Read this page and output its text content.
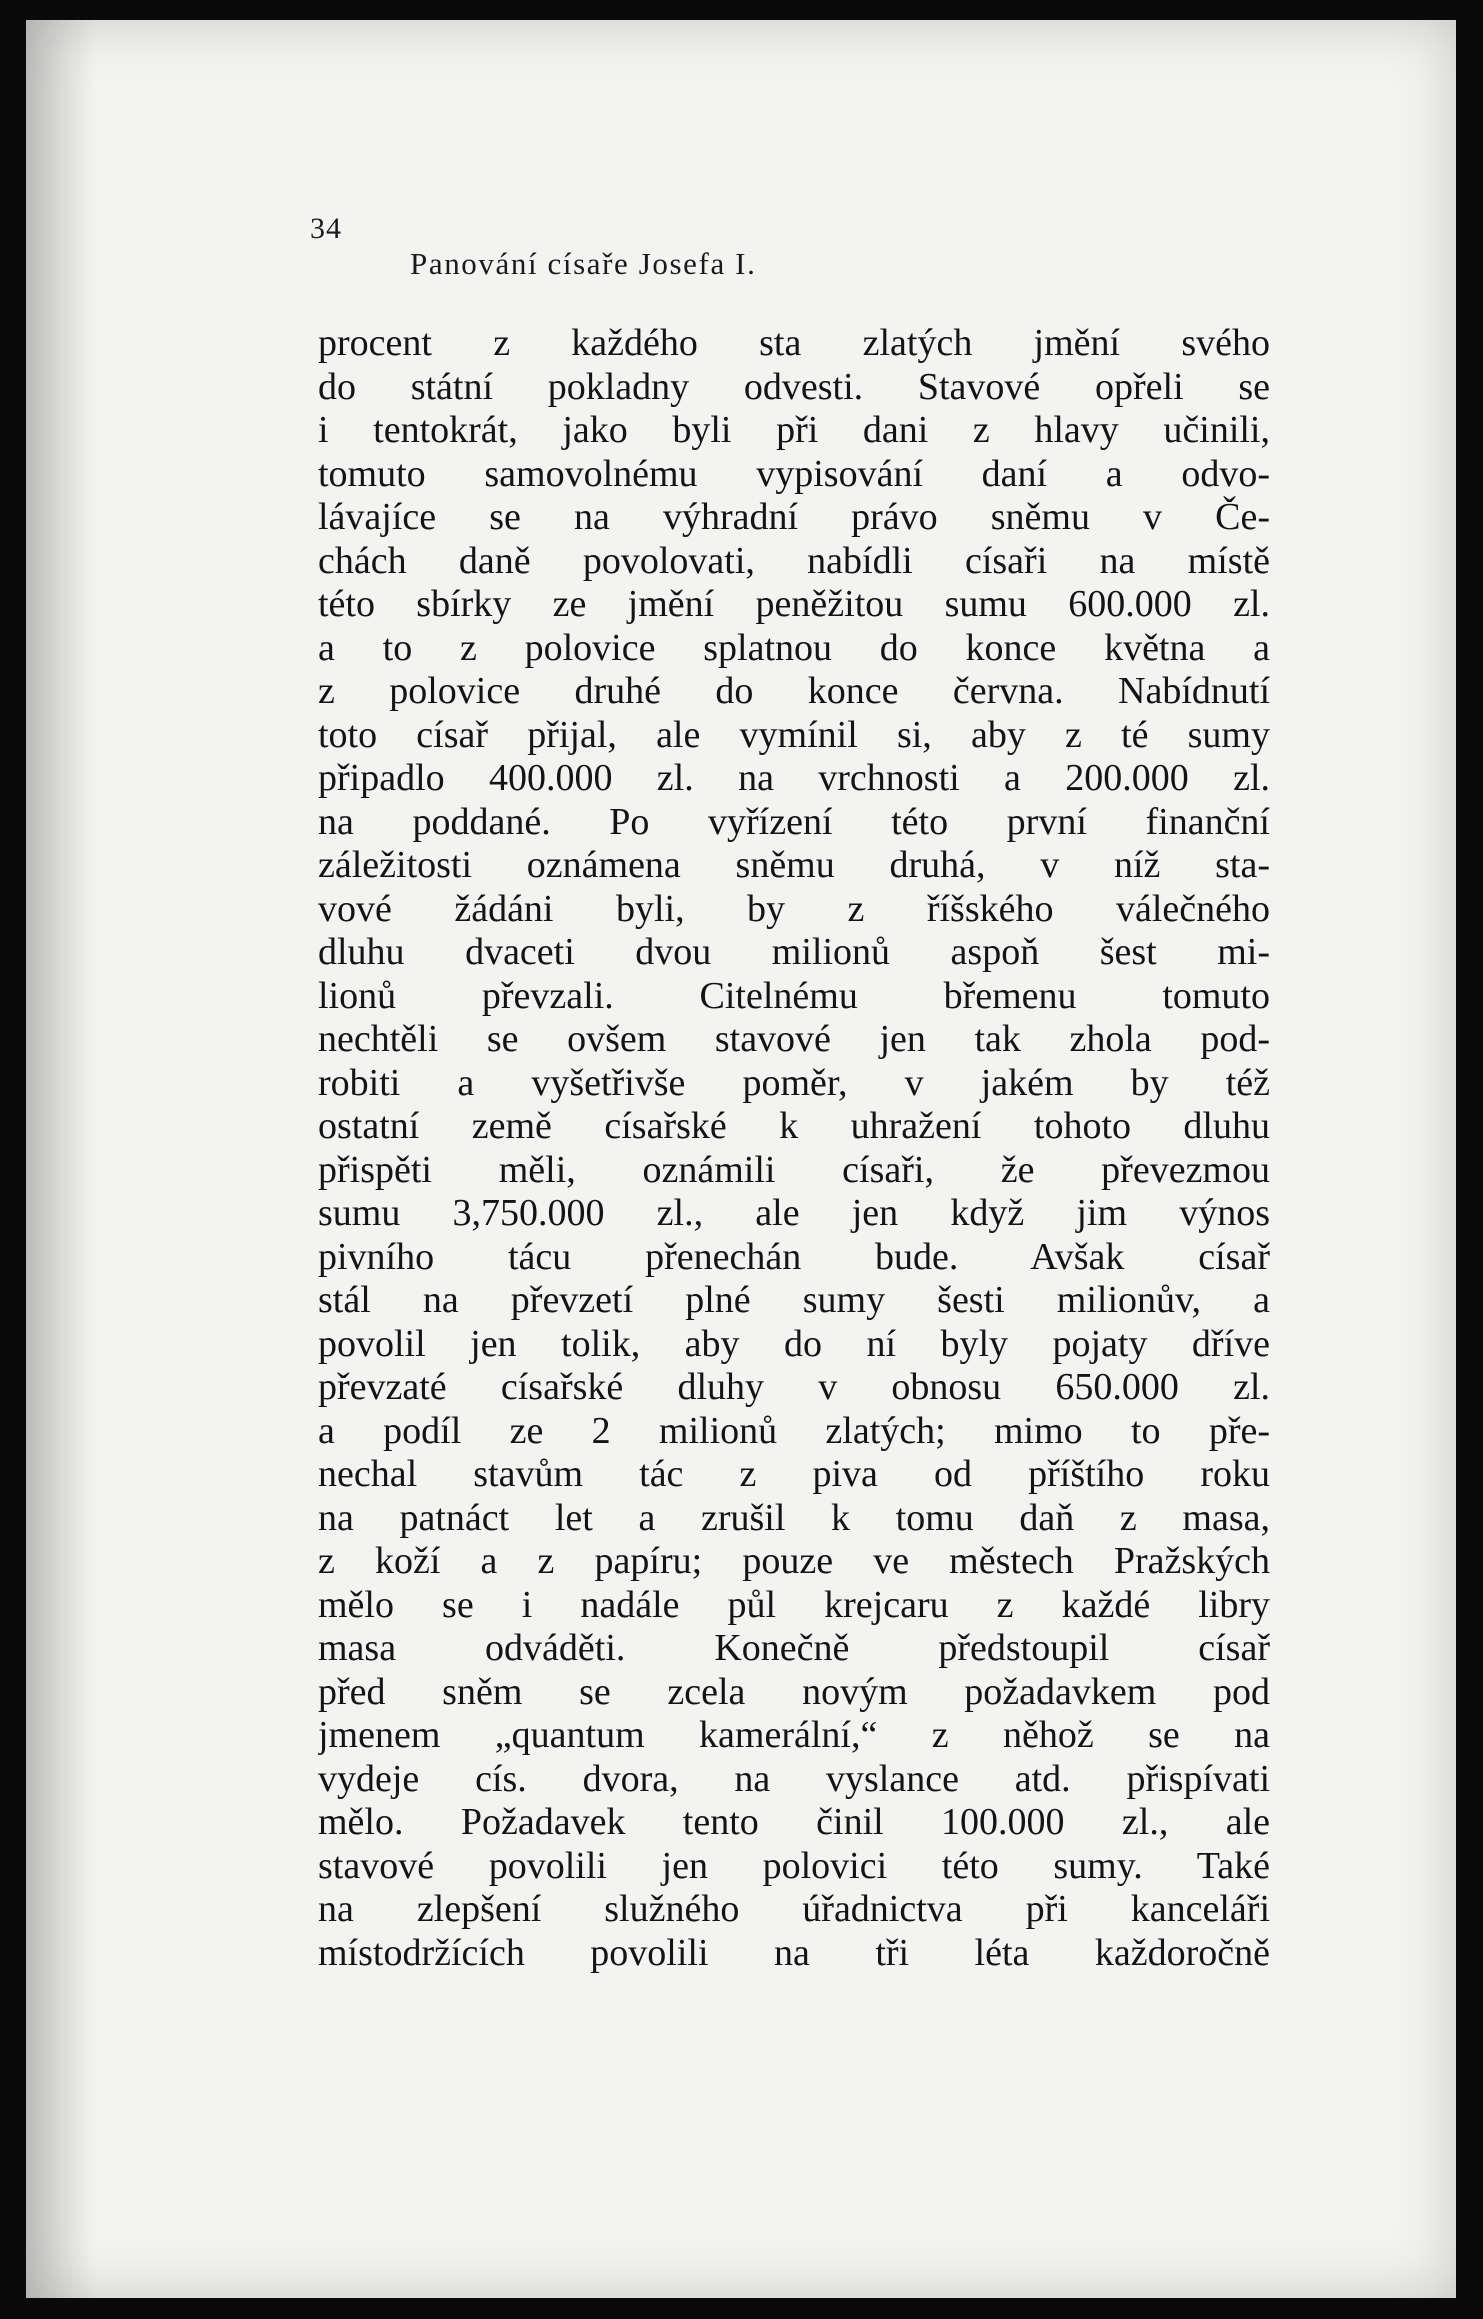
34
Panování císaře Josefa I.
procent z každého sta zlatých jmění svého
do státní pokladny odvesti. Stavové opřeli se
i tentokrát, jako byli při dani z hlavy učinili,
tomuto samovolnému vypisování daní a odvo-
lávajíce se na výhradní právo sněmu v Če-
chách daně povolovati, nabídli císaři na místě
této sbírky ze jmění peněžitou sumu 600.000 zl.
a to z polovice splatnou do konce května a
z polovice druhé do konce června. Nabídnutí
toto císař přijal, ale vymínil si, aby z té sumy
připadlo 400.000 zl. na vrchnosti a 200.000 zl.
na poddané. Po vyřízení této první finanční
záležitosti oznámena sněmu druhá, v níž sta-
vové žádáni byli, by z říšského válečného
dluhu dvaceti dvou milionů aspoň šest mi-
lionů převzali. Citelnému břemenu tomuto
nechtěli se ovšem stavové jen tak zhola pod-
robiti a vyšetřivše poměr, v jakém by též
ostatní země císařské k uhražení tohoto dluhu
přispěti měli, oznámili císaři, že převezmou
sumu 3,750.000 zl., ale jen když jim výnos
pivního tácu přenechán bude. Avšak císař
stál na převzetí plné sumy šesti milionův, a
povolil jen tolik, aby do ní byly pojaty dříve
převzaté císařské dluhy v obnosu 650.000 zl.
a podíl ze 2 milionů zlatých; mimo to pře-
nechal stavům tác z piva od příštího roku
na patnáct let a zrušil k tomu daň z masa,
z koží a z papíru; pouze ve městech Pražských
mělo se i nadále půl krejcaru z každé libry
masa odváděti. Konečně předstoupil císař
před sněm se zcela novým požadavkem pod
jmenem „quantum kamerální,“ z něhož se na
vydeje cís. dvora, na vyslance atd. přispívati
mělo. Požadavek tento činil 100.000 zl., ale
stavové povolili jen polovici této sumy. Také
na zlepšení služného úřadnictva při kanceláři
místodržících povolili na tři léta každoročně
